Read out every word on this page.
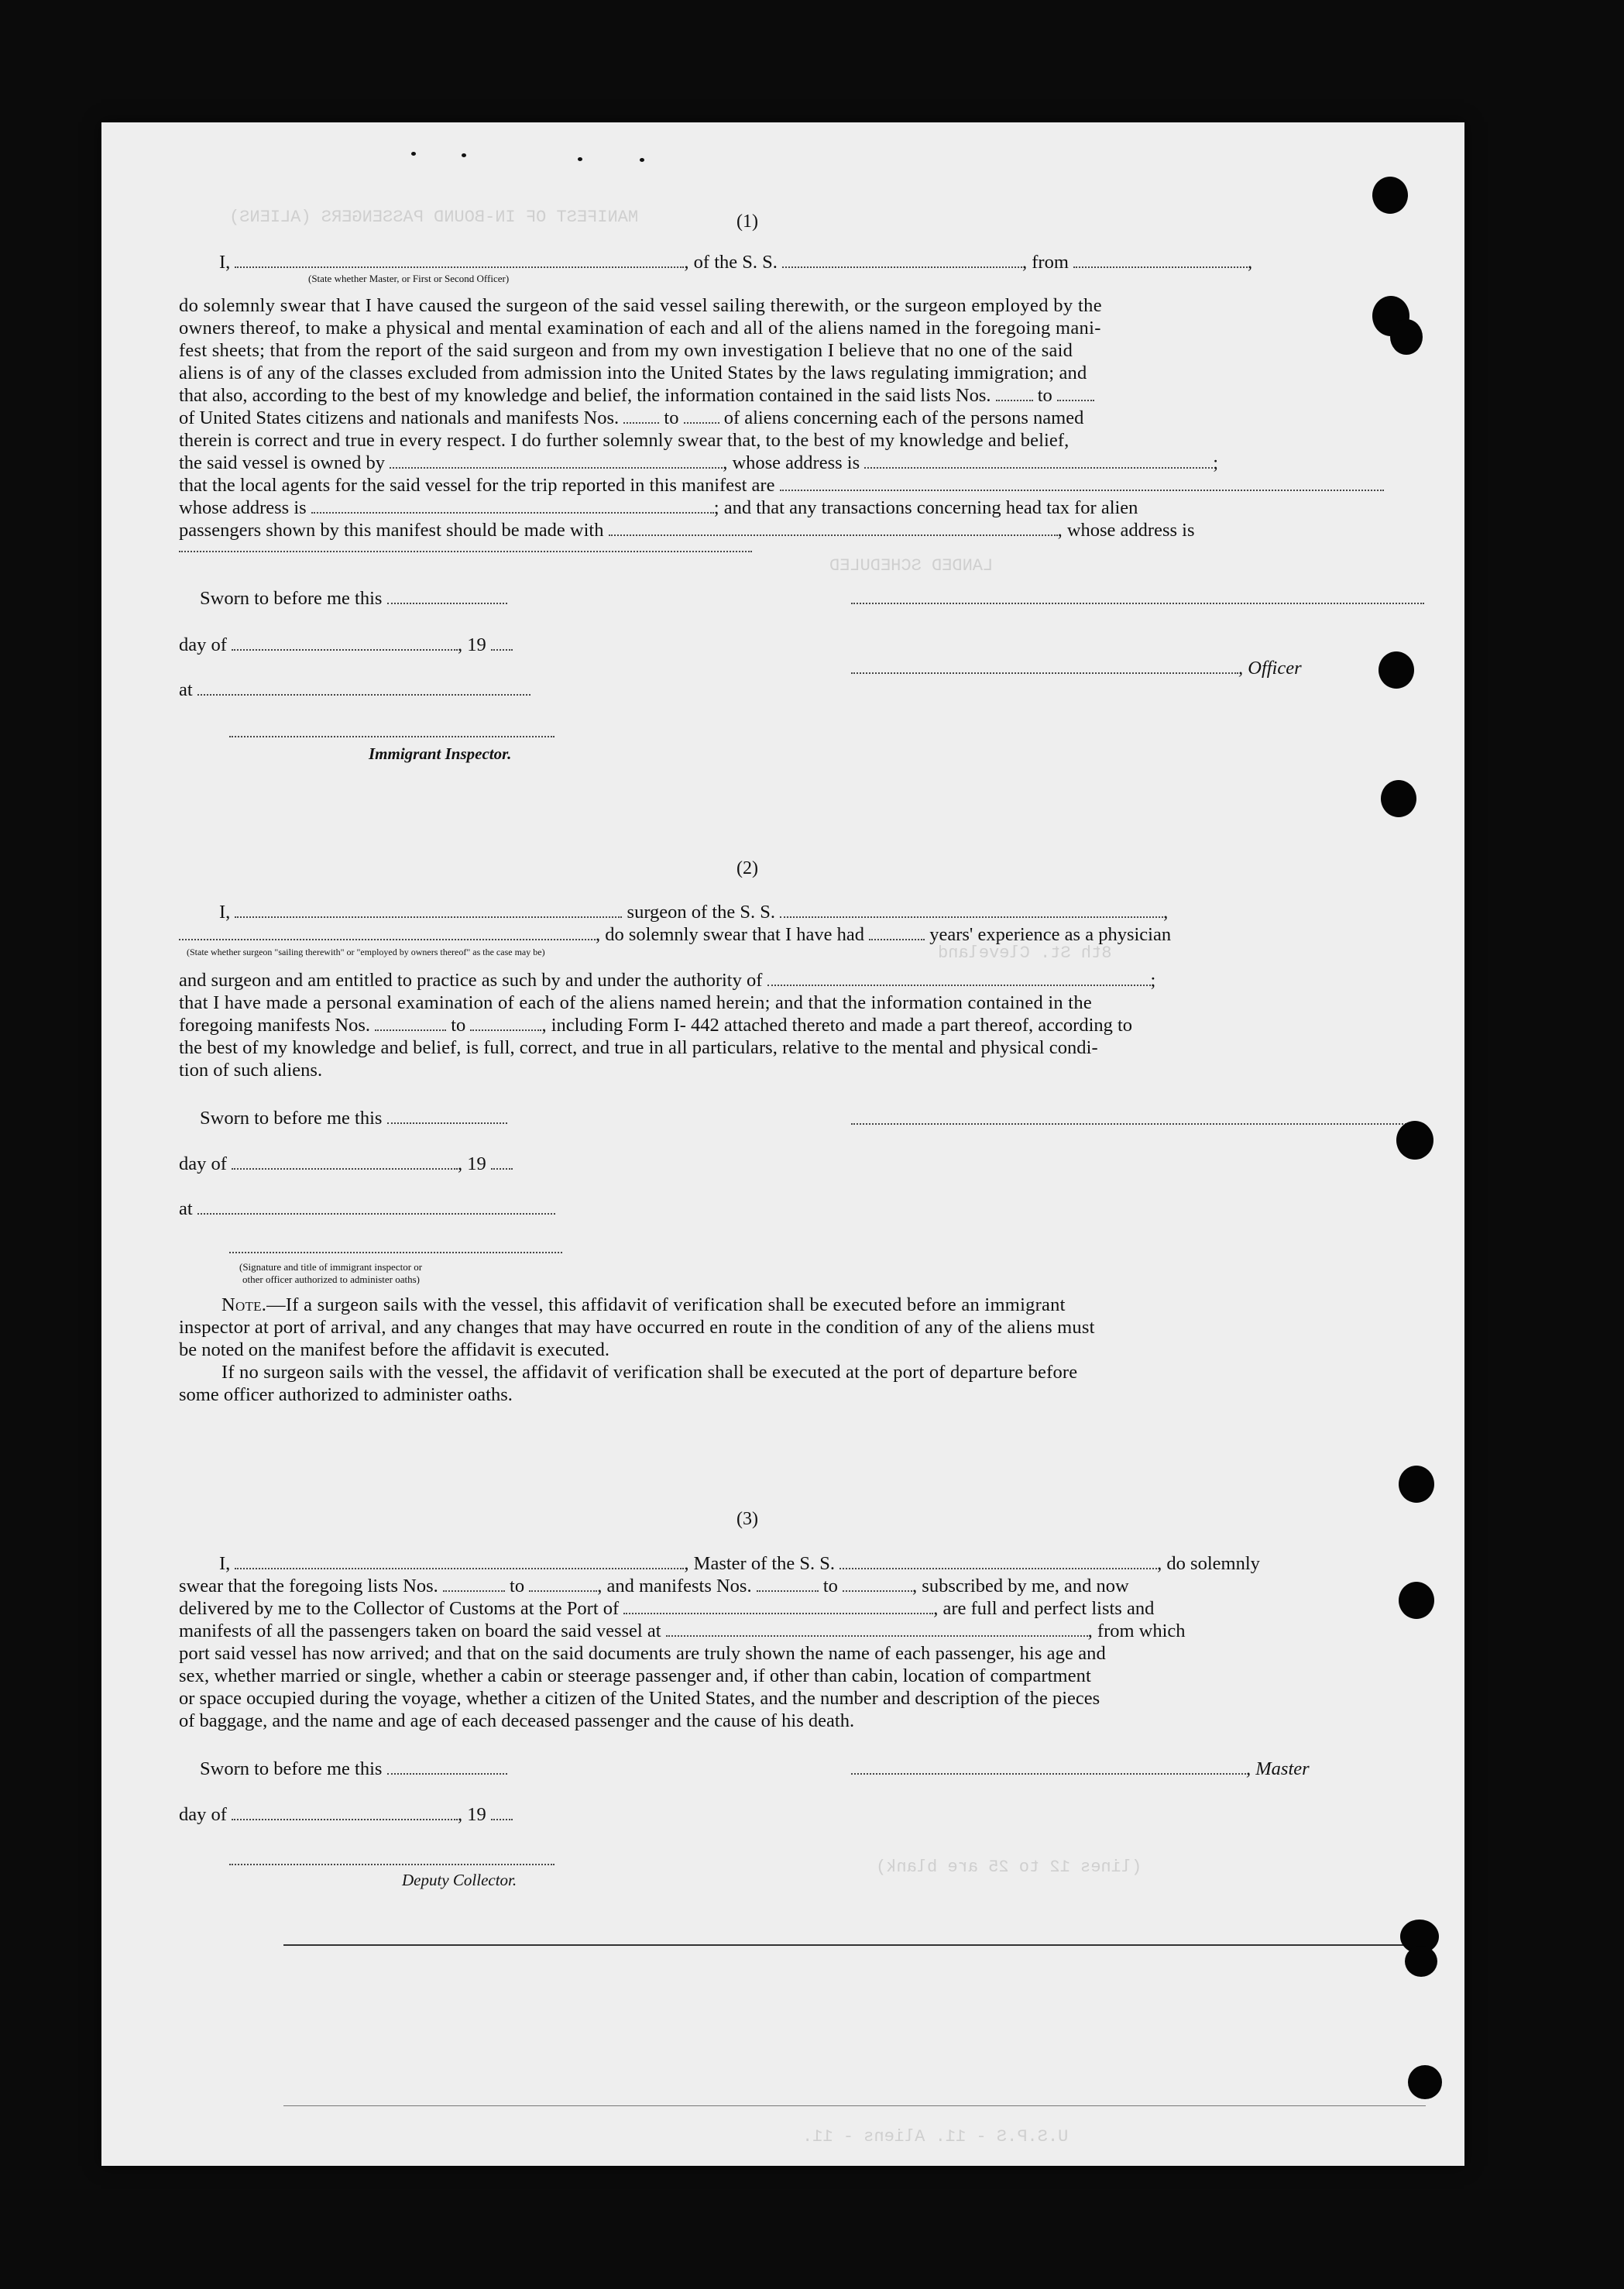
MANIFEST OF IN-BOUND PASSENGERS (ALIENS)
LANDED SCHEDULED
8th St. Cleveland
(lines 12 to 25 are blank)
U.S.P.S - 11. Aliens - 11.
(1)
I,	, of the S. S.	, from	,
(State whether Master, or First or Second Officer)
do solemnly swear that I have caused the surgeon of the said vessel sailing therewith, or the surgeon employed by the
owners thereof, to make a physical and mental examination of each and all of the aliens named in the foregoing mani-
fest sheets; that from the report of the said surgeon and from my own investigation I believe that no one of the said
aliens is of any of the classes excluded from admission into the United States by the laws regulating immigration; and
that also, according to the best of my knowledge and belief, the information contained in the said lists Nos. to
of United States citizens and nationals and manifests Nos. to of aliens concerning each of the persons named
therein is correct and true in every respect. I do further solemnly swear that, to the best of my knowledge and belief,
the said vessel is owned by	, whose address is	;
that the local agents for the said vessel for the trip reported in this manifest are
whose address is	; and that any transactions concerning head tax for alien
passengers shown by this manifest should be made with	, whose address is
Sworn to before me this
day of	, 19
, Officer
at
Immigrant Inspector.
(2)
I,	surgeon of the S. S.	,
, do solemnly swear that I have had	years' experience as a physician
(State whether surgeon "sailing therewith" or "employed by owners thereof" as the case may be)
and surgeon and am entitled to practice as such by and under the authority of	;
that I have made a personal examination of each of the aliens named herein; and that the information contained in the
foregoing manifests Nos.	to	, including Form I- 442 attached thereto and made a part thereof, according to
the best of my knowledge and belief, is full, correct, and true in all particulars, relative to the mental and physical condi-
tion of such aliens.
Sworn to before me this
day of	, 19
at
(Signature and title of immigrant inspector or
other officer authorized to administer oaths)
Note.—If a surgeon sails with the vessel, this affidavit of verification shall be executed before an immigrant
inspector at port of arrival, and any changes that may have occurred en route in the condition of any of the aliens must
be noted on the manifest before the affidavit is executed.
If no surgeon sails with the vessel, the affidavit of verification shall be executed at the port of departure before
some officer authorized to administer oaths.
(3)
I,	, Master of the S. S.	, do solemnly
swear that the foregoing lists Nos.	to	, and manifests Nos.	to	, subscribed by me, and now
delivered by me to the Collector of Customs at the Port of	, are full and perfect lists and
manifests of all the passengers taken on board the said vessel at	, from which
port said vessel has now arrived; and that on the said documents are truly shown the name of each passenger, his age and
sex, whether married or single, whether a cabin or steerage passenger and, if other than cabin, location of compartment
or space occupied during the voyage, whether a citizen of the United States, and the number and description of the pieces
of baggage, and the name and age of each deceased passenger and the cause of his death.
Sworn to before me this	, Master
day of	, 19
Deputy Collector.
